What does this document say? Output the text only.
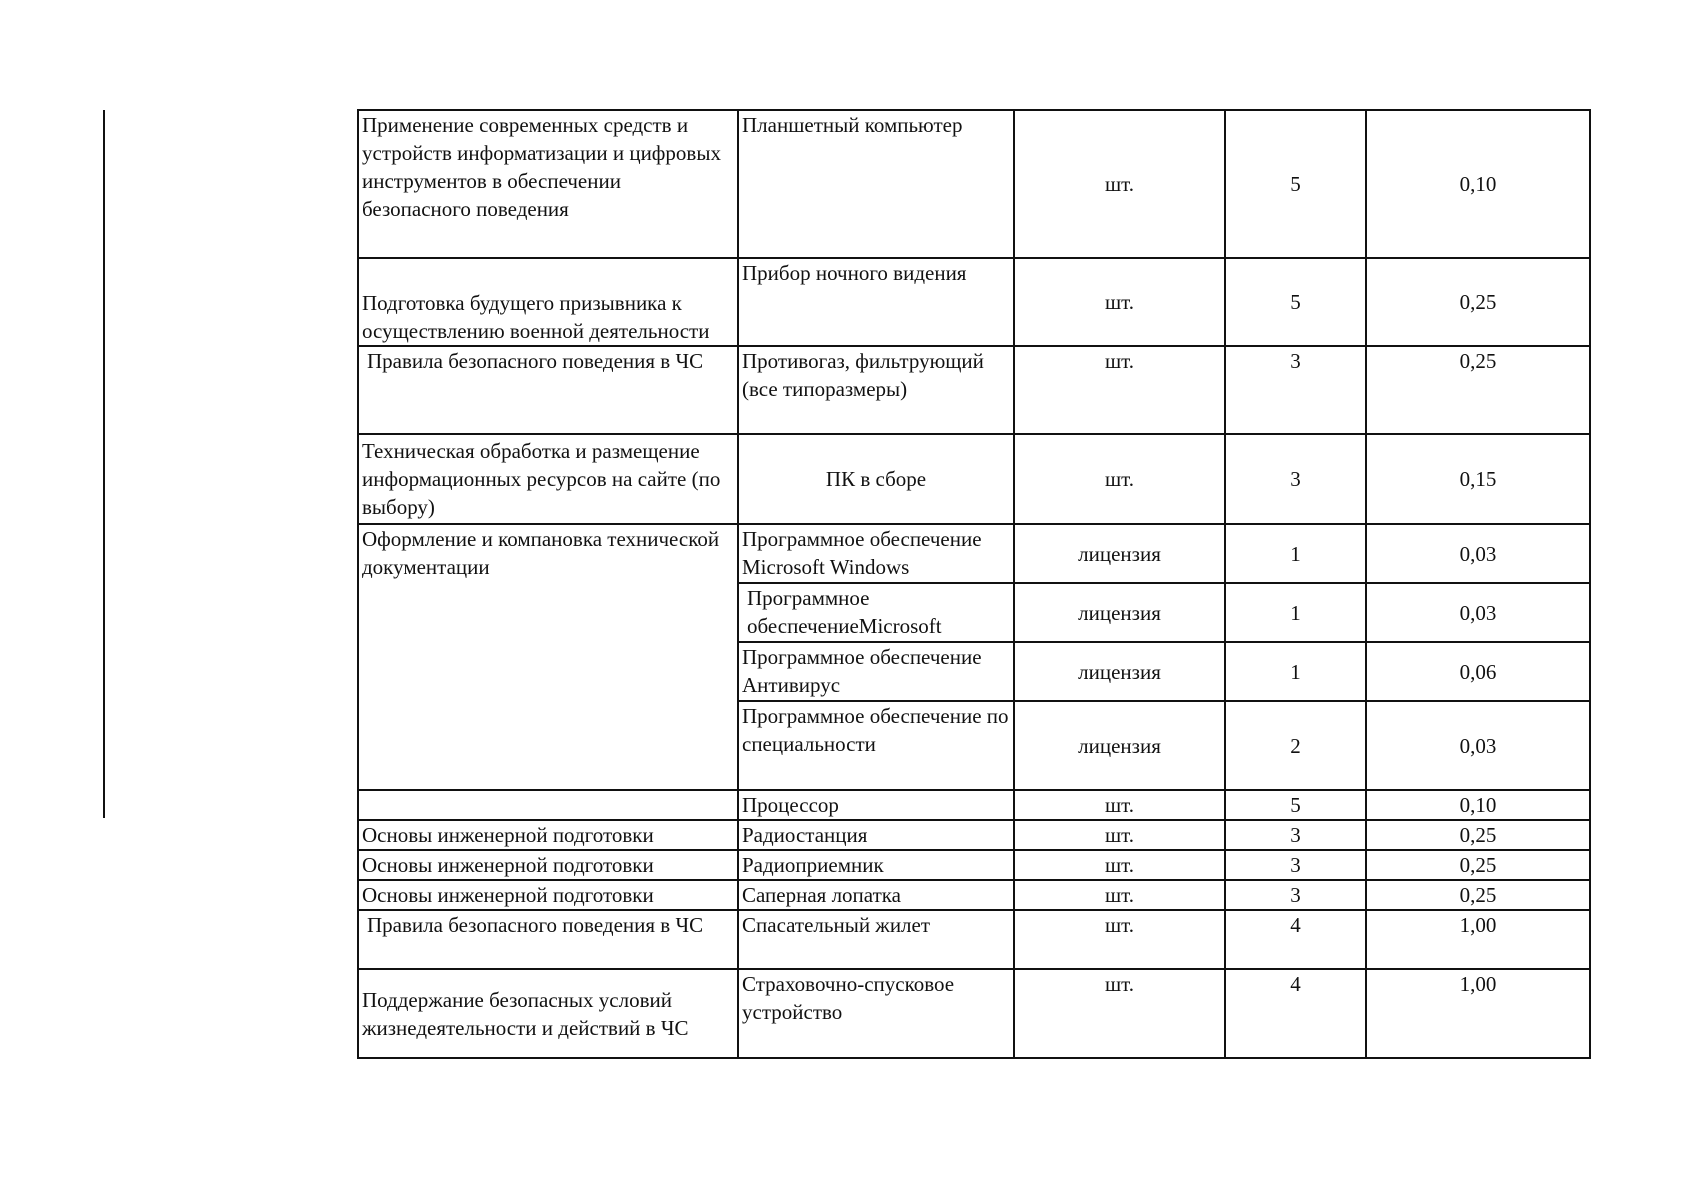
Применение современных средств и устройств информатизации и цифровых инструментов в обеспечении безопасного поведения	Планшетный компьютер	шт.	5	0,10
Подготовка будущего призывника к осуществлению военной деятельности	Прибор ночного видения	шт.	5	0,25
Правила безопасного поведения в ЧС	Противогаз, фильтрующий (все типоразмеры)	шт.	3	0,25
Техническая обработка и размещение информационных ресурсов на сайте (по выбору)	ПК в сборе	шт.	3	0,15
Оформление и компановка технической документации	Программное обеспечение Microsoft Windows	лицензия	1	0,03
	Программное обеспечениеMicrosoft	лицензия	1	0,03
	Программное обеспечение Антивирус	лицензия	1	0,06
	Программное обеспечение по специальности	лицензия	2	0,03
	Процессор	шт.	5	0,10
Основы инженерной подготовки	Радиостанция	шт.	3	0,25
Основы инженерной подготовки	Радиоприемник	шт.	3	0,25
Основы инженерной подготовки	Саперная лопатка	шт.	3	0,25
Правила безопасного поведения в ЧС	Спасательный жилет	шт.	4	1,00
Поддержание безопасных условий жизнедеятельности и действий в ЧС	Страховочно-спусковое устройство	шт.	4	1,00
